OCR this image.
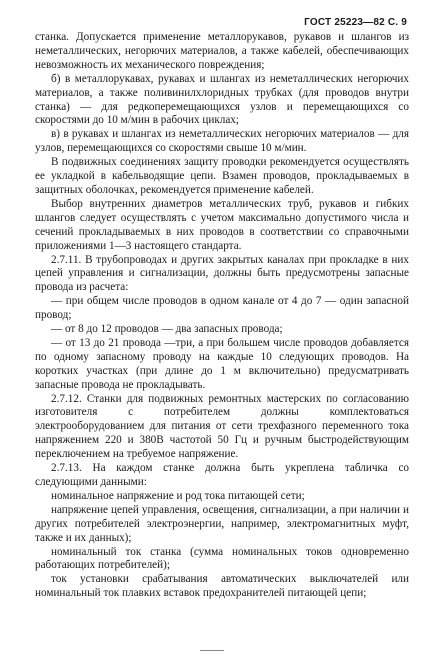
ГОСТ 25223—82 С. 9

станка. Допускается применение металлорукавов, рукавов и шлангов из неметаллических, негорючих материалов, а также кабелей, обеспечивающих невозможность их механического повреждения;

б) в металлорукавах, рукавах и шлангах из неметаллических негорючих материалов, а также поливинилхлоридных трубках (для проводов внутри станка) — для редкоперемещающихся узлов и перемещающихся со скоростями до 10 м/мин в рабочих циклах;

в) в рукавах и шлангах из неметаллических негорючих материалов — для узлов, перемещающихся со скоростями свыше 10 м/мин.

В подвижных соединениях защиту проводки рекомендуется осуществлять ее укладкой в кабельводящие цепи. Взамен проводов, прокладываемых в защитных оболочках, рекомендуется применение кабелей.

Выбор внутренних диаметров металлических труб, рукавов и гибких шлангов следует осуществлять с учетом максимально допустимого числа и сечений прокладываемых в них проводов в соответствии со справочными приложениями 1—3 настоящего стандарта.

2.7.11. В трубопроводах и других закрытых каналах при прокладке в них цепей управления и сигнализации, должны быть предусмотрены запасные провода из расчета:

— при общем числе проводов в одном канале от 4 до 7 — один запасной провод;

— от 8 до 12 проводов — два запасных провода;

— от 13 до 21 провода —три, а при большем числе проводов добавляется по одному запасному проводу на каждые 10 следующих проводов. На коротких участках (при длине до 1 м включительно) предусматривать запасные провода не прокладывать.

2.7.12. Станки для подвижных ремонтных мастерских по согласованию изготовителя с потребителем должны комплектоваться электрооборудованием для питания от сети трехфазного переменного тока напряжением 220 и 380В частотой 50 Гц и ручным быстродействующим переключением на требуемое напряжение.

2.7.13. На каждом станке должна быть укреплена табличка со следующими данными:

номинальное напряжение и род тока питающей сети;

напряжение цепей управления, освещения, сигнализации, а при наличии и других потребителей электроэнергии, например, электромагнитных муфт, также и их данных);

номинальный ток станка (сумма номинальных токов одновременно работающих потребителей);

ток установки срабатывания автоматических выключателей или номинальный ток плавких вставок предохранителей питающей цепи;
